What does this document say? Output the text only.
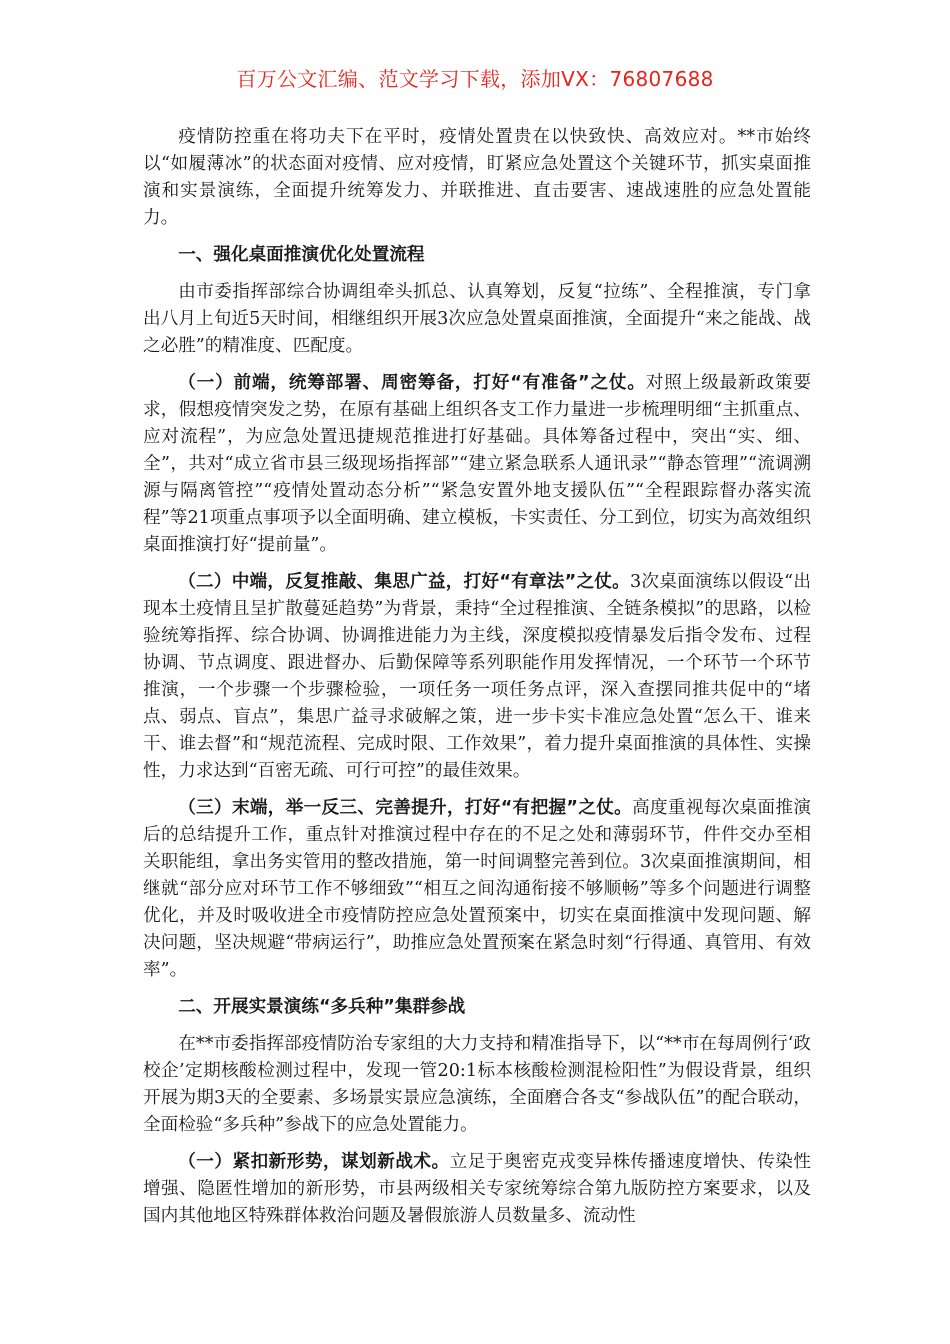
百万公文汇编、范文学习下载，添加VX：76807688

疫情防控重在将功夫下在平时，疫情处置贵在以快致快、高效应对。**市始终以“如履薄冰”的状态面对疫情、应对疫情，盯紧应急处置这个关键环节，抓实桌面推演和实景演练，全面提升统筹发力、并联推进、直击要害、速战速胜的应急处置能力。

一、强化桌面推演优化处置流程

由市委指挥部综合协调组牵头抓总、认真筹划，反复“拉练”、全程推演，专门拿出八月上旬近5天时间，相继组织开展3次应急处置桌面推演，全面提升“来之能战、战之必胜”的精准度、匹配度。

（一）前端，统筹部署、周密筹备，打好“有准备”之仗。对照上级最新政策要求，假想疫情突发之势，在原有基础上组织各支工作力量进一步梳理明细“主抓重点、应对流程”，为应急处置迅捷规范推进打好基础。具体筹备过程中，突出“实、细、全”，共对“成立省市县三级现场指挥部”“建立紧急联系人通讯录”“静态管理”“流调溯源与隔离管控”“疫情处置动态分析”“紧急安置外地支援队伍”“全程跟踪督办落实流程”等21项重点事项予以全面明确、建立模板，卡实责任、分工到位，切实为高效组织桌面推演打好“提前量”。

（二）中端，反复推敲、集思广益，打好“有章法”之仗。3次桌面演练以假设“出现本土疫情且呈扩散蔓延趋势”为背景，秉持“全过程推演、全链条模拟”的思路，以检验统筹指挥、综合协调、协调推进能力为主线，深度模拟疫情暴发后指令发布、过程协调、节点调度、跟进督办、后勤保障等系列职能作用发挥情况，一个环节一个环节推演，一个步骤一个步骤检验，一项任务一项任务点评，深入查摆同推共促中的“堵点、弱点、盲点”，集思广益寻求破解之策，进一步卡实卡准应急处置“怎么干、谁来干、谁去督”和“规范流程、完成时限、工作效果”，着力提升桌面推演的具体性、实操性，力求达到“百密无疏、可行可控”的最佳效果。

（三）末端，举一反三、完善提升，打好“有把握”之仗。高度重视每次桌面推演后的总结提升工作，重点针对推演过程中存在的不足之处和薄弱环节，件件交办至相关职能组，拿出务实管用的整改措施，第一时间调整完善到位。3次桌面推演期间，相继就“部分应对环节工作不够细致”“相互之间沟通衔接不够顺畅”等多个问题进行调整优化，并及时吸收进全市疫情防控应急处置预案中，切实在桌面推演中发现问题、解决问题，坚决规避“带病运行”，助推应急处置预案在紧急时刻“行得通、真管用、有效率”。

二、开展实景演练“多兵种”集群参战

在**市委指挥部疫情防治专家组的大力支持和精准指导下，以“**市在每周例行‘政校企’定期核酸检测过程中，发现一管20:1标本核酸检测混检阳性”为假设背景，组织开展为期3天的全要素、多场景实景应急演练，全面磨合各支“参战队伍”的配合联动，全面检验“多兵种”参战下的应急处置能力。

（一）紧扣新形势，谋划新战术。立足于奥密克戎变异株传播速度增快、传染性增强、隐匿性增加的新形势，市县两级相关专家统筹综合第九版防控方案要求，以及国内其他地区特殊群体救治问题及暑假旅游人员数量多、流动性
